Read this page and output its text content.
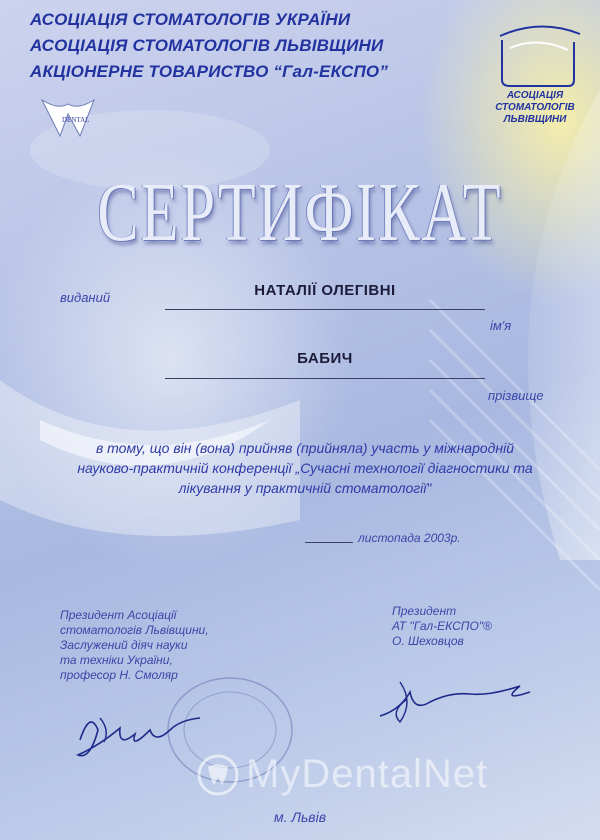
АСОЦІАЦІЯ СТОМАТОЛОГІВ УКРАЇНИ
АСОЦІАЦІЯ СТОМАТОЛОГІВ ЛЬВІВЩИНИ
АКЦІОНЕРНЕ ТОВАРИСТВО “Гал-ЕКСПО”
DENTAL
АСОЦІАЦІЯ
СТОМАТОЛОГІВ
ЛЬВІВЩИНИ
СЕРТИФІКАТ
виданий	НАТАЛІЇ ОЛЕГІВНІ
ім'я
БАБИЧ
прізвище
в тому, що він (вона) прийняв (прийняла) участь у міжнародній
науково-практичній конференції „Сучасні технології діагностики та
лікування у практичній стоматології"
листопада 2003р.
Президент Асоціації
стоматологів Львівщини,
Заслужений діяч науки
та техніки України,
професор Н. Смоляр
Президент
АТ "Гал-ЕКСПО"®
О. Шеховцов
MyDentalNet
м. Львів
